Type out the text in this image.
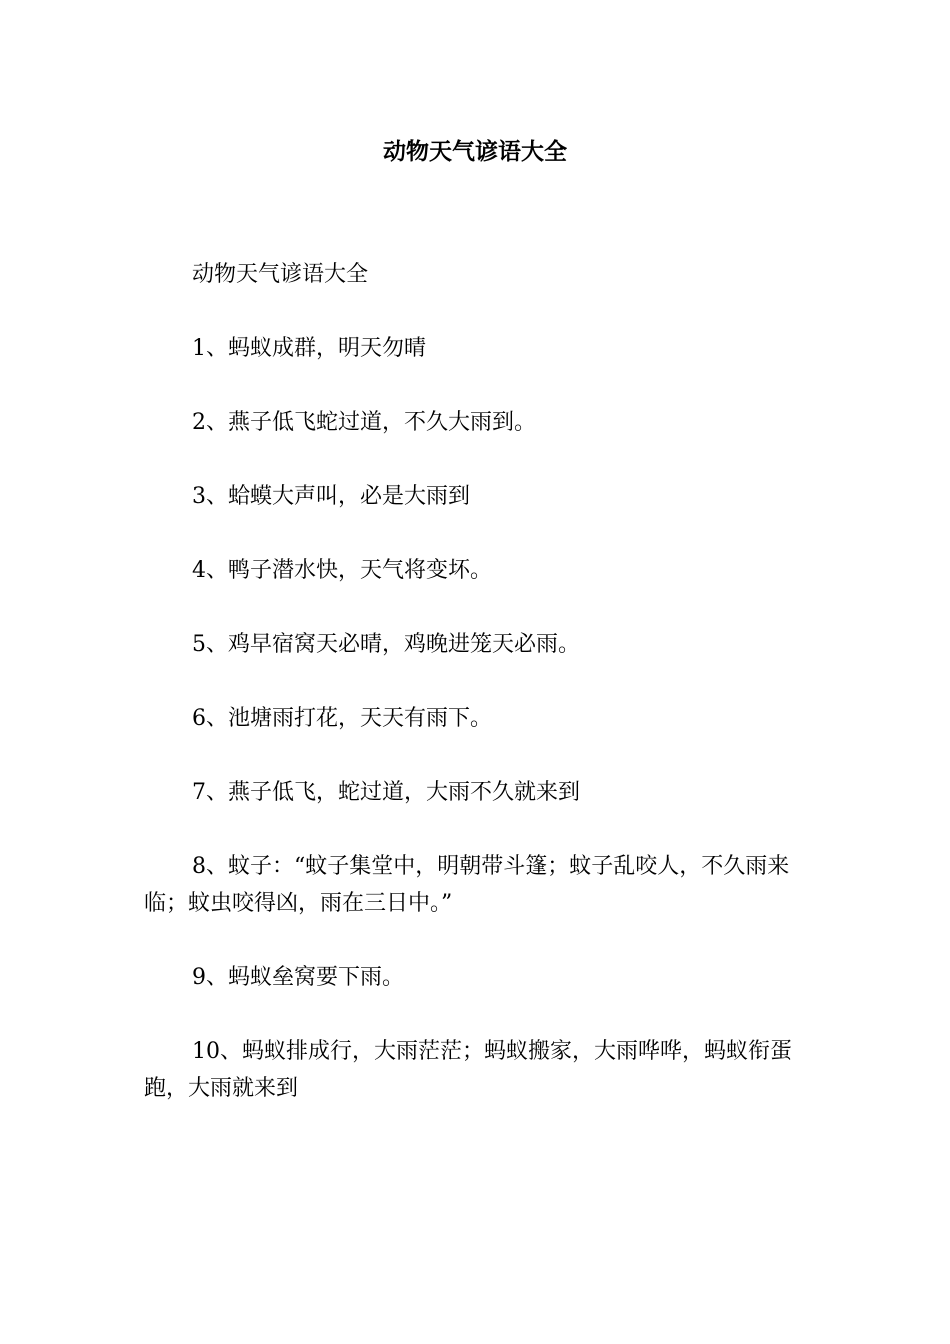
动物天气谚语大全

动物天气谚语大全

1、蚂蚁成群，明天勿晴

2、燕子低飞蛇过道，不久大雨到。

3、蛤蟆大声叫，必是大雨到

4、鸭子潜水快，天气将变坏。

5、鸡早宿窝天必晴，鸡晚进笼天必雨。

6、池塘雨打花，天天有雨下。

7、燕子低飞，蛇过道，大雨不久就来到

8、蚊子：“蚊子集堂中，明朝带斗篷；蚊子乱咬人，不久雨来临；蚊虫咬得凶，雨在三日中。”

9、蚂蚁垒窝要下雨。

10、蚂蚁排成行，大雨茫茫；蚂蚁搬家，大雨哗哗，蚂蚁衔蛋跑，大雨就来到
